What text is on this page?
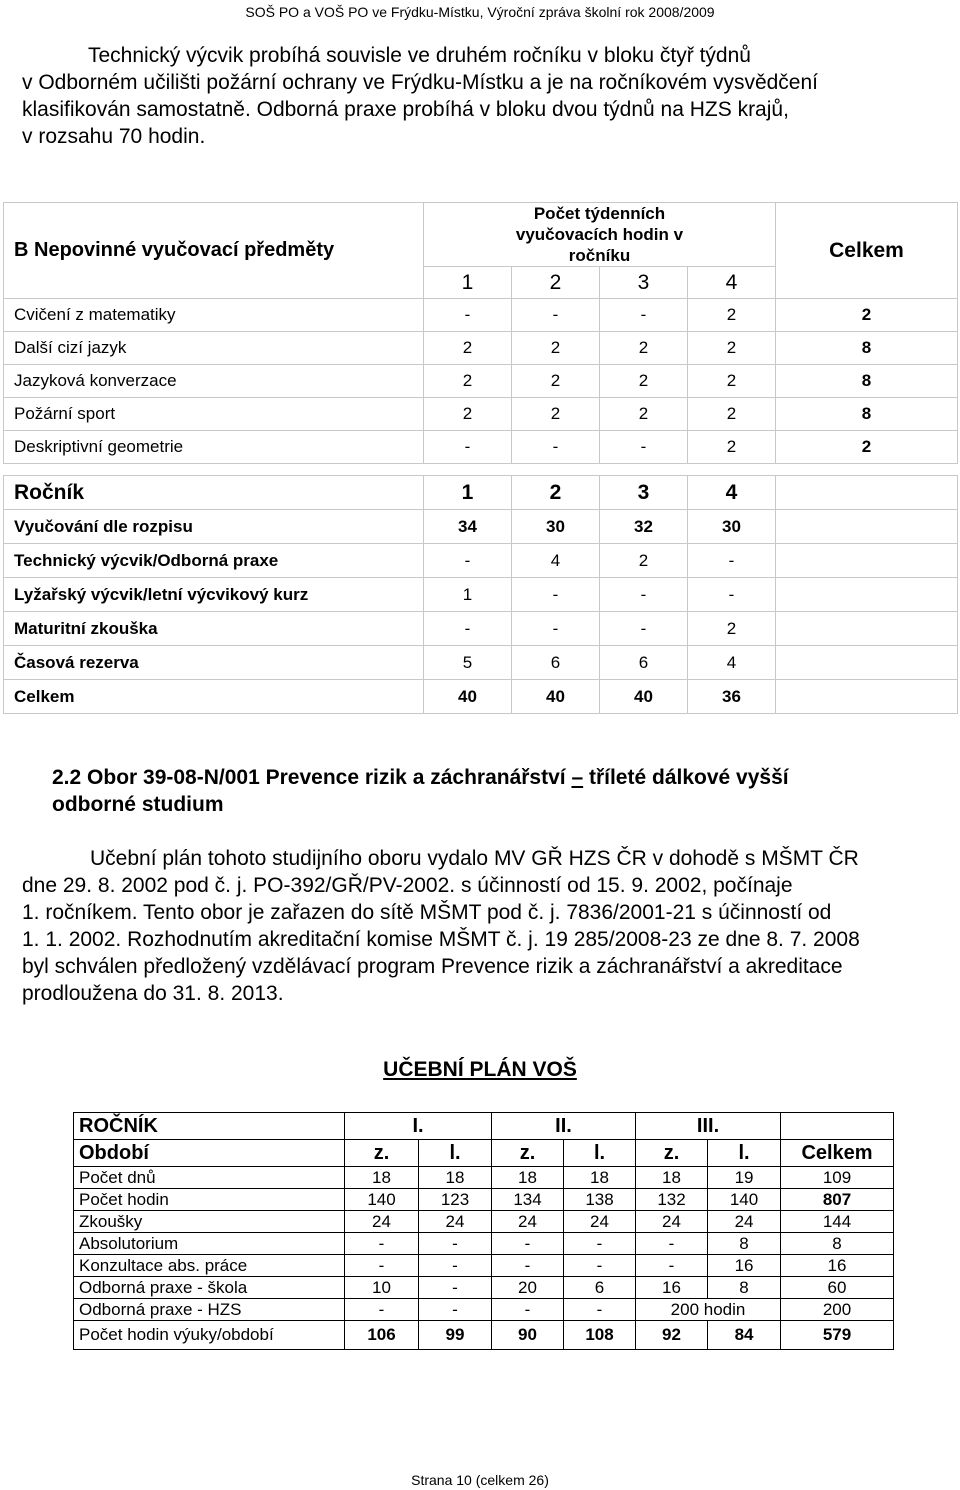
SOŠ PO a VOŠ PO ve Frýdku-Místku, Výroční zpráva školní rok 2008/2009

Technický výcvik probíhá souvisle ve druhém ročníku v bloku čtyř týdnů
v Odborném učilišti požární ochrany ve Frýdku-Místku a je na ročníkovém vysvědčení
klasifikován samostatně. Odborná praxe probíhá v bloku dvou týdnů na HZS krajů,
v rozsahu 70 hodin.

B Nepovinné vyučovací předměty	Počet týdenních vyučovacích hodin v ročníku				Celkem
	1	2	3	4	
Cvičení z matematiky	-	-	-	2	2
Další cizí jazyk	2	2	2	2	8
Jazyková konverzace	2	2	2	2	8
Požární sport	2	2	2	2	8
Deskriptivní geometrie	-	-	-	2	2
Ročník	1	2	3	4	
Vyučování dle rozpisu	34	30	32	30	
Technický výcvik/Odborná praxe	-	4	2	-	
Lyžařský výcvik/letní výcvikový kurz	1	-	-	-	
Maturitní zkouška	-	-	-	2	
Časová rezerva	5	6	6	4	
Celkem	40	40	40	36	

2.2 Obor 39-08-N/001 Prevence rizik a záchranářství – tříleté dálkové vyšší
odborné studium

Učební plán tohoto studijního oboru vydalo MV GŘ HZS ČR v dohodě s MŠMT ČR
dne 29. 8. 2002 pod č. j. PO-392/GŘ/PV-2002. s účinností od 15. 9. 2002, počínaje
1. ročníkem. Tento obor je zařazen do sítě MŠMT pod č. j. 7836/2001-21 s účinností od
1. 1. 2002. Rozhodnutím akreditační komise MŠMT č. j. 19 285/2008-23 ze dne 8. 7. 2008
byl schválen předložený vzdělávací program Prevence rizik a záchranářství a akreditace
prodloužena do 31. 8. 2013.

UČEBNÍ PLÁN VOŠ

ROČNÍK	I.		II.		III.		
Období	z.	l.	z.	l.	z.	l.	Celkem
Počet dnů	18	18	18	18	18	19	109
Počet hodin	140	123	134	138	132	140	807
Zkoušky	24	24	24	24	24	24	144
Absolutorium	-	-	-	-	-	8	8
Konzultace abs. práce	-	-	-	-	-	16	16
Odborná praxe - škola	10	-	20	6	16	8	60
Odborná praxe - HZS	-	-	-	-	200 hodin		200
Počet hodin výuky/období	106	99	90	108	92	84	579
Strana 10 (celkem 26)
